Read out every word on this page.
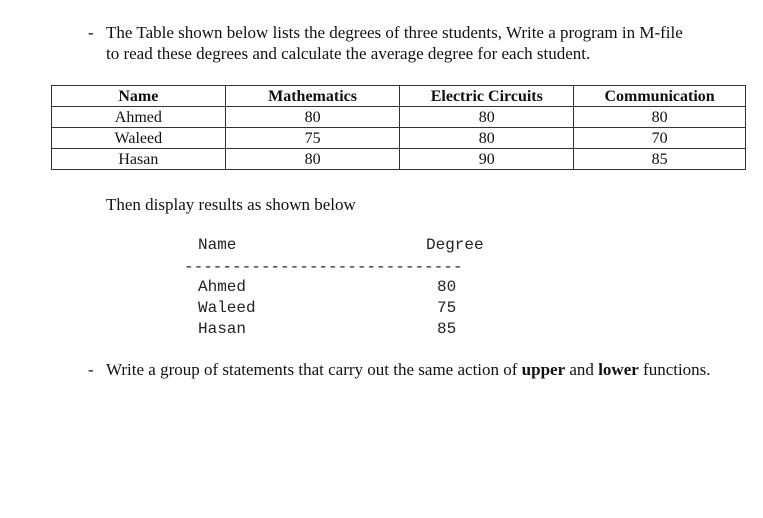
- The Table shown below lists the degrees of three students, Write a program in M-file
to read these degrees and calculate the average degree for each student.
Name	Mathematics	Electric Circuits	Communication
Ahmed	80	80	80
Waleed	75	80	70
Hasan	80	90	85
Then display results as shown below
Name	Degree
-----------------------------
Ahmed	80
Waleed	75
Hasan	85
- Write a group of statements that carry out the same action of upper and lower functions.
